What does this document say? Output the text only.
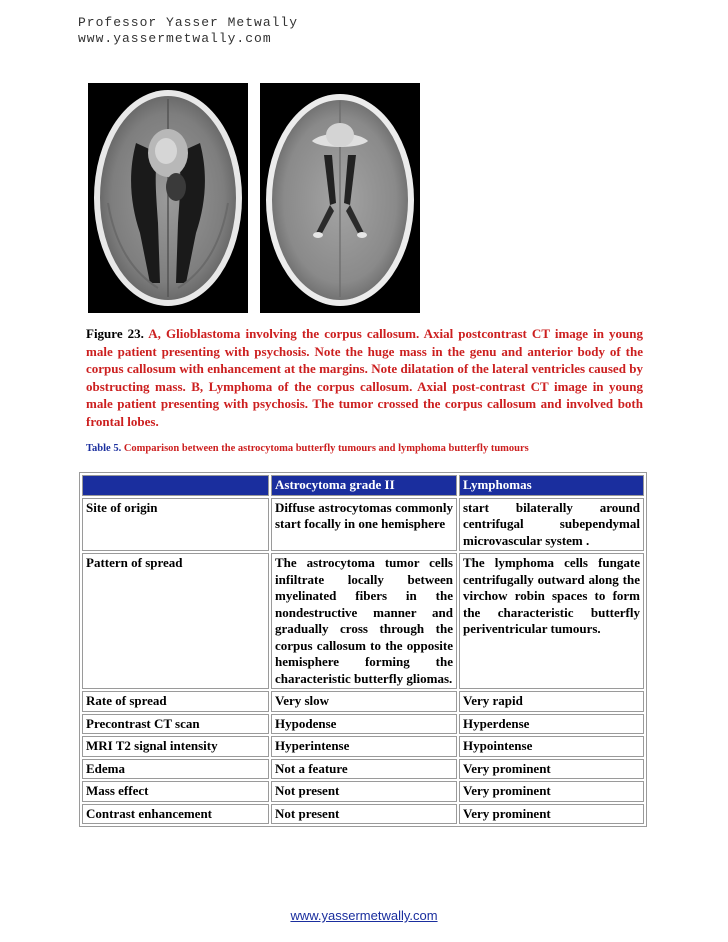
Professor Yasser Metwally
www.yassermetwally.com
Figure 23. A, Glioblastoma involving the corpus callosum. Axial postcontrast CT image in young male patient presenting with psychosis. Note the huge mass in the genu and anterior body of the corpus callosum with enhancement at the margins. Note dilatation of the lateral ventricles caused by obstructing mass. B, Lymphoma of the corpus callosum. Axial post-contrast CT image in young male patient presenting with psychosis. The tumor crossed the corpus callosum and involved both frontal lobes.
Table 5. Comparison between the astrocytoma butterfly tumours and lymphoma butterfly tumours
	Astrocytoma grade II	Lymphomas
Site of origin	Diffuse astrocytomas commonly start focally in one hemisphere	start bilaterally around centrifugal subependymal microvascular system .
Pattern of spread	The astrocytoma tumor cells infiltrate locally between myelinated fibers in the nondestructive manner and gradually cross through the corpus callosum to the opposite hemisphere forming the characteristic butterfly gliomas.	The lymphoma cells fungate centrifugally outward along the virchow robin spaces to form the characteristic butterfly periventricular tumours.
Rate of spread	Very slow	Very rapid
Precontrast CT scan	Hypodense	Hyperdense
MRI T2 signal intensity	Hyperintense	Hypointense
Edema	Not a feature	Very prominent
Mass effect	Not present	Very prominent
Contrast enhancement	Not present	Very prominent
www.yassermetwally.com
